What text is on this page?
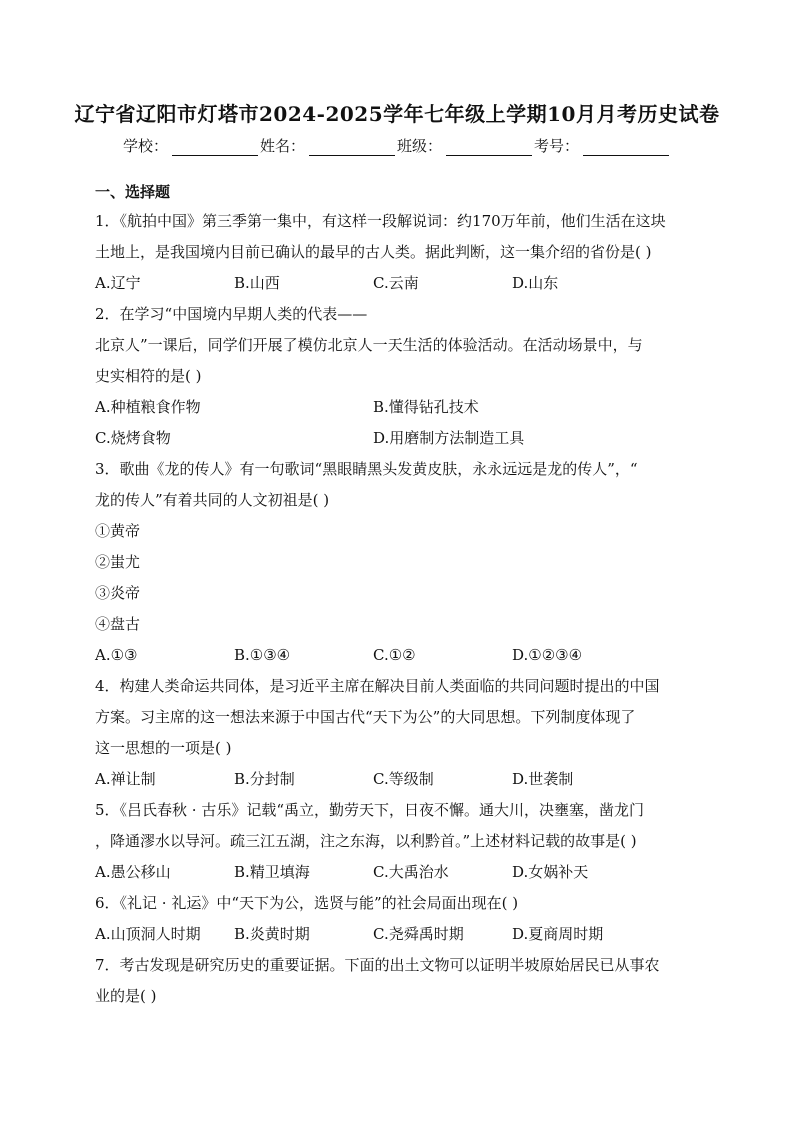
辽宁省辽阳市灯塔市2024-2025学年七年级上学期10月月考历史试卷
学校：	姓名：	班级：	考号：
一、选择题
1．《航拍中国》第三季第一集中，有这样一段解说词：约170万年前，他们生活在这块
土地上，是我国境内目前已确认的最早的古人类。据此判断，这一集介绍的省份是( )
A.辽宁	B.山西	C.云南	D.山东
2．在学习“中国境内早期人类的代表——
北京人”一课后，同学们开展了模仿北京人一天生活的体验活动。在活动场景中，与
史实相符的是( )
A.种植粮食作物	B.懂得钻孔技术
C.烧烤食物	D.用磨制方法制造工具
3．歌曲《龙的传人》有一句歌词“黑眼睛黑头发黄皮肤，永永远远是龙的传人”，“
龙的传人”有着共同的人文初祖是( )
①黄帝
②蚩尤
③炎帝
④盘古
A.①③	B.①③④	C.①②	D.①②③④
4．构建人类命运共同体，是习近平主席在解决目前人类面临的共同问题时提出的中国
方案。习主席的这一想法来源于中国古代“天下为公”的大同思想。下列制度体现了
这一思想的一项是( )
A.禅让制	B.分封制	C.等级制	D.世袭制
5．《吕氏春秋 · 古乐》记载“禹立，勤劳天下，日夜不懈。通大川，决壅塞，凿龙门
，降通漻水以导河。疏三江五湖，注之东海，以利黔首。”上述材料记载的故事是( )
A.愚公移山	B.精卫填海	C.大禹治水	D.女娲补天
6．《礼记 · 礼运》中“天下为公，选贤与能”的社会局面出现在( )
A.山顶洞人时期	B.炎黄时期	C.尧舜禹时期	D.夏商周时期
7．考古发现是研究历史的重要证据。下面的出土文物可以证明半坡原始居民已从事农
业的是( )
